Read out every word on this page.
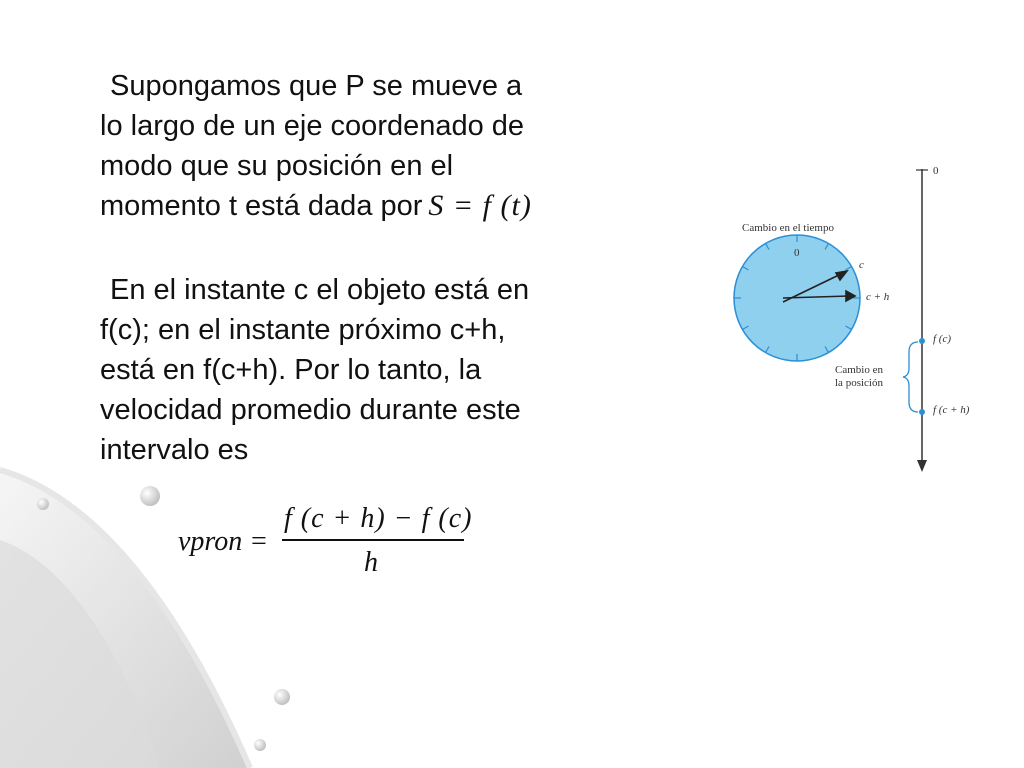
Supongamos que P se mueve a
lo largo de un eje coordenado de
modo que su posición en el
momento t está dada por S = f (t)

En el instante c el objeto está en
f(c); en el instante próximo c+h,
está en f(c+h). Por lo tanto, la
velocidad promedio durante este
intervalo es

vpron =
f (c + h) − f (c)
h
Cambio en el tiempo
0
c
c + h
0
f (c)
f (c + h)
Cambio en
la posición
